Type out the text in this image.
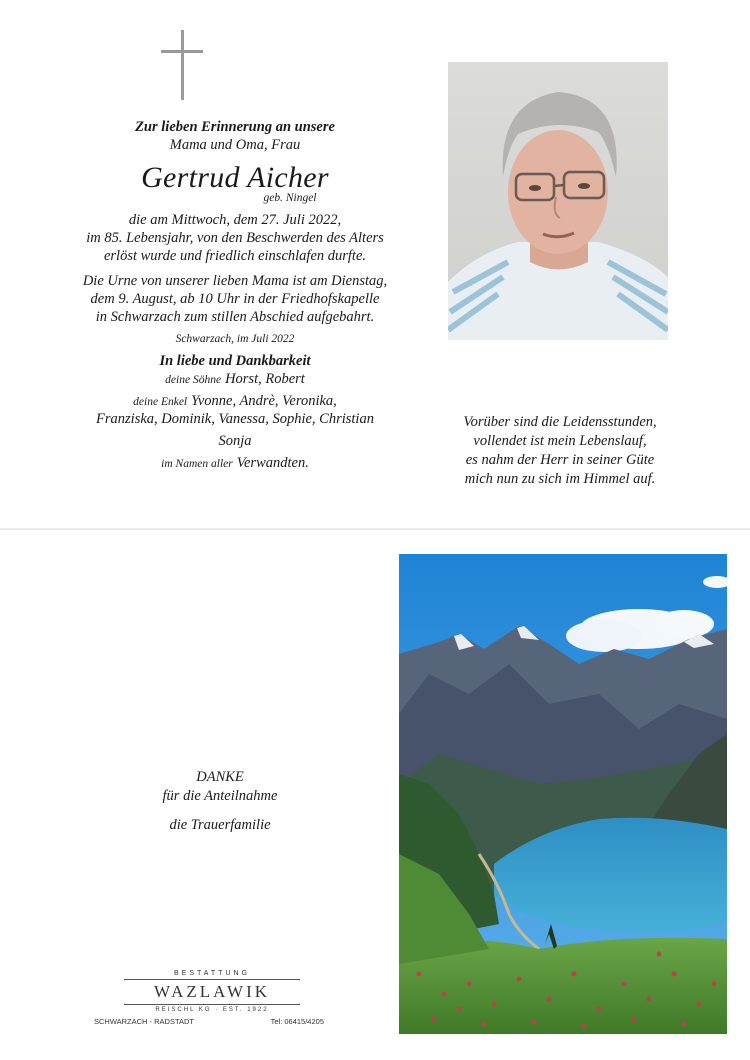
Zur lieben Erinnerung an unsere
Mama und Oma, Frau
Gertrud Aicher
geb. Ningel
die am Mittwoch, dem 27. Juli 2022,
im 85. Lebensjahr, von den Beschwerden des Alters
erlöst wurde und friedlich einschlafen durfte.
Die Urne von unserer lieben Mama ist am Dienstag,
dem 9. August, ab 10 Uhr in der Friedhofskapelle
in Schwarzach zum stillen Abschied aufgebahrt.
Schwarzach, im Juli 2022
In liebe und Dankbarkeit
deine Söhne Horst, Robert
deine Enkel Yvonne, Andrè, Veronika,
Franziska, Dominik, Vanessa, Sophie, Christian
Sonja
im Namen aller Verwandten.
Vorüber sind die Leidensstunden,
vollendet ist mein Lebenslauf,
es nahm der Herr in seiner Güte
mich nun zu sich im Himmel auf.
DANKE
für die Anteilnahme
die Trauerfamilie
BESTATTUNG
WAZLAWIK
REISCHL KG · EST. 1922
SCHWARZACH - RADSTADT	Tel: 06415/4205
